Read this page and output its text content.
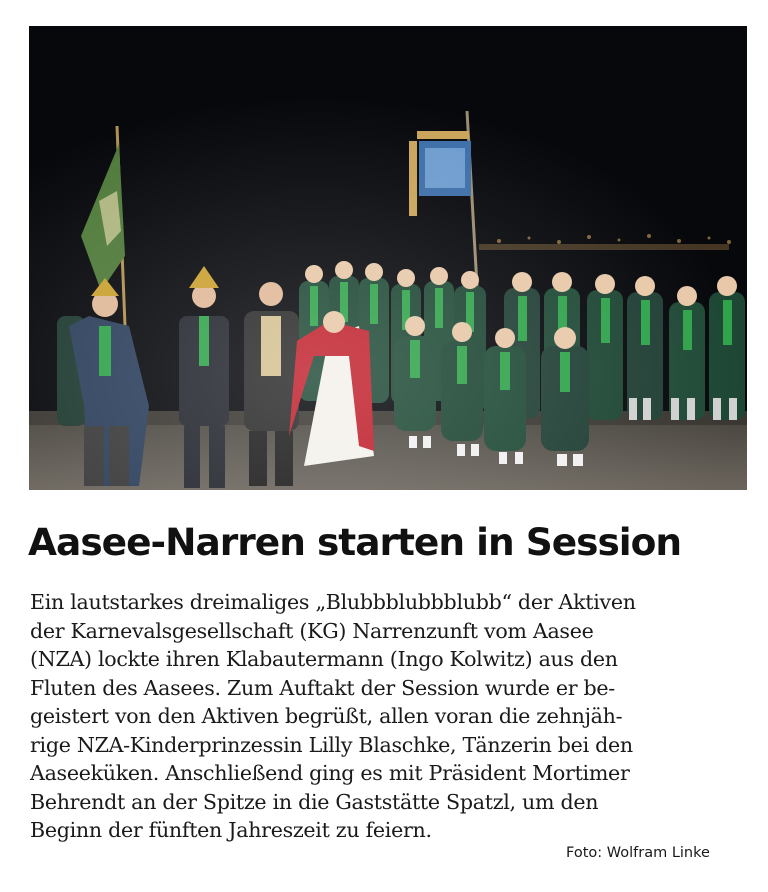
Aasee-Narren starten in Session
Ein lautstarkes dreimaliges „Blubbblubbblubb“ der Aktiven
der Karnevalsgesellschaft (KG) Narrenzunft vom Aasee
(NZA) lockte ihren Klabautermann (Ingo Kolwitz) aus den
Fluten des Aasees. Zum Auftakt der Session wurde er be-
geistert von den Aktiven begrüßt, allen voran die zehnjäh-
rige NZA-Kinderprinzessin Lilly Blaschke, Tänzerin bei den
Aaseeküken. Anschließend ging es mit Präsident Mortimer
Behrendt an der Spitze in die Gaststätte Spatzl, um den
Beginn der fünften Jahreszeit zu feiern.
Foto: Wolfram Linke
